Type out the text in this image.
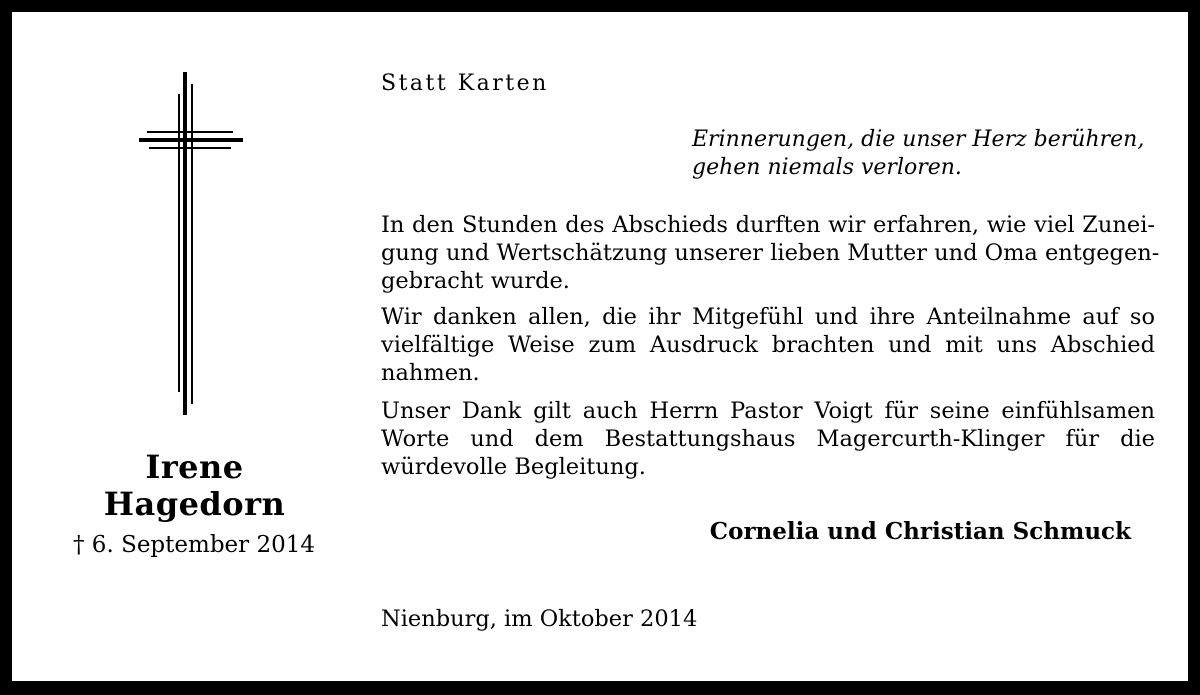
Irene
Hagedorn
† 6. September 2014
Statt Karten
Erinnerungen, die unser Herz berühren,
gehen niemals verloren.
In den Stunden des Abschieds durften wir erfahren, wie viel Zunei-
gung und Wertschätzung unserer lieben Mutter und Oma entgegen-
gebracht wurde.
Wir danken allen, die ihr Mitgefühl und ihre Anteilnahme auf so
vielfältige Weise zum Ausdruck brachten und mit uns Abschied
nahmen.
Unser Dank gilt auch Herrn Pastor Voigt für seine einfühlsamen
Worte und dem Bestattungshaus Magercurth-Klinger für die
würdevolle Begleitung.
Cornelia und Christian Schmuck
Nienburg, im Oktober 2014
